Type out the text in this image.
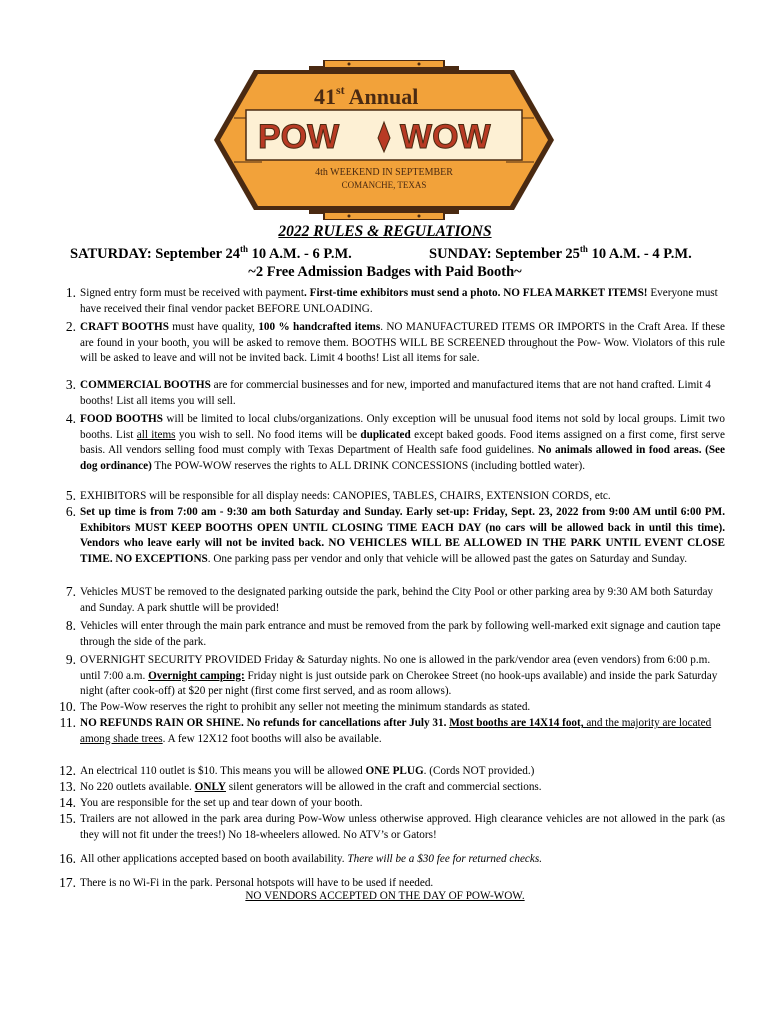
41st Annual
POW WOW
4th WEEKEND IN SEPTEMBER
COMANCHE, TEXAS
2022 RULES & REGULATIONS
SATURDAY: September 24th 10 A.M. - 6 P.M.	SUNDAY: September 25th 10 A.M. - 4 P.M.
~2 Free Admission Badges with Paid Booth~
1. Signed entry form must be received with payment. First-time exhibitors must send a photo. NO FLEA MARKET ITEMS! Everyone must have received their final vendor packet BEFORE UNLOADING.
2. CRAFT BOOTHS must have quality, 100 % handcrafted items. NO MANUFACTURED ITEMS OR IMPORTS in the Craft Area. If these are found in your booth, you will be asked to remove them. BOOTHS WILL BE SCREENED throughout the Pow- Wow. Violators of this rule will be asked to leave and will not be invited back. Limit 4 booths! List all items for sale.
3. COMMERCIAL BOOTHS are for commercial businesses and for new, imported and manufactured items that are not hand crafted. Limit 4 booths! List all items you will sell.
4. FOOD BOOTHS will be limited to local clubs/organizations. Only exception will be unusual food items not sold by local groups. Limit two booths. List all items you wish to sell. No food items will be duplicated except baked goods. Food items assigned on a first come, first serve basis. All vendors selling food must comply with Texas Department of Health safe food guidelines. No animals allowed in food areas. (See dog ordinance) The POW-WOW reserves the rights to ALL DRINK CONCESSIONS (including bottled water).
5. EXHIBITORS will be responsible for all display needs: CANOPIES, TABLES, CHAIRS, EXTENSION CORDS, etc.
6. Set up time is from 7:00 am - 9:30 am both Saturday and Sunday. Early set-up: Friday, Sept. 23, 2022 from 9:00 AM until 6:00 PM. Exhibitors MUST KEEP BOOTHS OPEN UNTIL CLOSING TIME EACH DAY (no cars will be allowed back in until this time). Vendors who leave early will not be invited back. NO VEHICLES WILL BE ALLOWED IN THE PARK UNTIL EVENT CLOSE TIME. NO EXCEPTIONS. One parking pass per vendor and only that vehicle will be allowed past the gates on Saturday and Sunday.
7. Vehicles MUST be removed to the designated parking outside the park, behind the City Pool or other parking area by 9:30 AM both Saturday and Sunday. A park shuttle will be provided!
8. Vehicles will enter through the main park entrance and must be removed from the park by following well-marked exit signage and caution tape through the side of the park.
9. OVERNIGHT SECURITY PROVIDED Friday & Saturday nights. No one is allowed in the park/vendor area (even vendors) from 6:00 p.m. until 7:00 a.m. Overnight camping: Friday night is just outside park on Cherokee Street (no hook-ups available) and inside the park Saturday night (after cook-off) at $20 per night (first come first served, and as room allows).
10. The Pow-Wow reserves the right to prohibit any seller not meeting the minimum standards as stated.
11. NO REFUNDS RAIN OR SHINE. No refunds for cancellations after July 31. Most booths are 14X14 foot, and the majority are located among shade trees. A few 12X12 foot booths will also be available.
12. An electrical 110 outlet is $10. This means you will be allowed ONE PLUG. (Cords NOT provided.)
13. No 220 outlets available. ONLY silent generators will be allowed in the craft and commercial sections.
14. You are responsible for the set up and tear down of your booth.
15. Trailers are not allowed in the park area during Pow-Wow unless otherwise approved. High clearance vehicles are not allowed in the park (as they will not fit under the trees!) No 18-wheelers allowed. No ATV’s or Gators!
16. All other applications accepted based on booth availability. There will be a $30 fee for returned checks.
17. There is no Wi-Fi in the park. Personal hotspots will have to be used if needed.
NO VENDORS ACCEPTED ON THE DAY OF POW-WOW.
